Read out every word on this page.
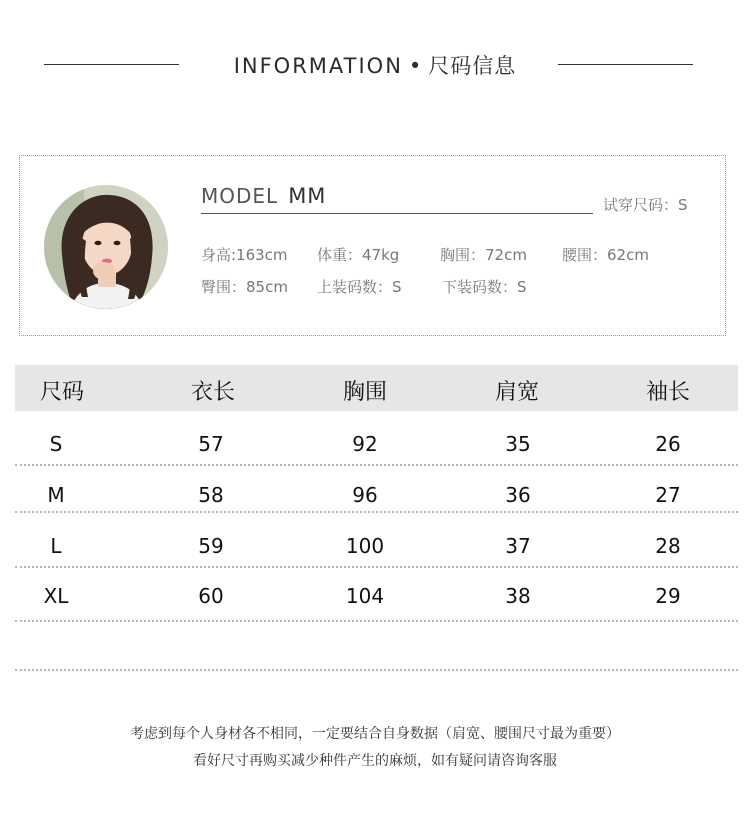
INFORMATION • 尺码信息
MODEL MM	试穿尺码：S
身高:163cm 体重：47kg	胸围：72cm 腰围：62cm
臀围：85cm 上装码数：S	下装码数：S
尺码	衣长	胸围	肩宽	袖长
S	57	92	35	26
M	58	96	36	27
L	59	100	37	28
XL	60	104	38	29
考虑到每个人身材各不相同，一定要结合自身数据（肩宽、腰围尺寸最为重要）
看好尺寸再购买减少种件产生的麻烦，如有疑问请咨询客服
